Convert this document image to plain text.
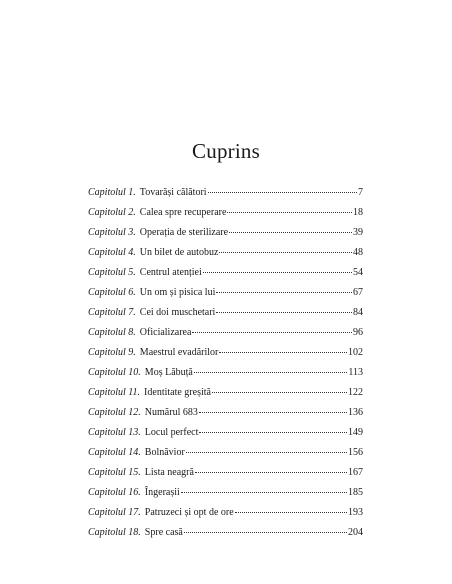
Cuprins
Capitolul 1. Tovarăși călători	7
Capitolul 2. Calea spre recuperare	18
Capitolul 3. Operația de sterilizare	39
Capitolul 4. Un bilet de autobuz	48
Capitolul 5. Centrul atenției	54
Capitolul 6. Un om și pisica lui	67
Capitolul 7. Cei doi muschetari	84
Capitolul 8. Oficializarea	96
Capitolul 9. Maestrul evadărilor	102
Capitolul 10. Moș Lăbuță	113
Capitolul 11. Identitate greșită	122
Capitolul 12. Numărul 683	136
Capitolul 13. Locul perfect	149
Capitolul 14. Bolnăvior	156
Capitolul 15. Lista neagră	167
Capitolul 16. Îngerașii	185
Capitolul 17. Patruzeci și opt de ore	193
Capitolul 18. Spre casă	204
